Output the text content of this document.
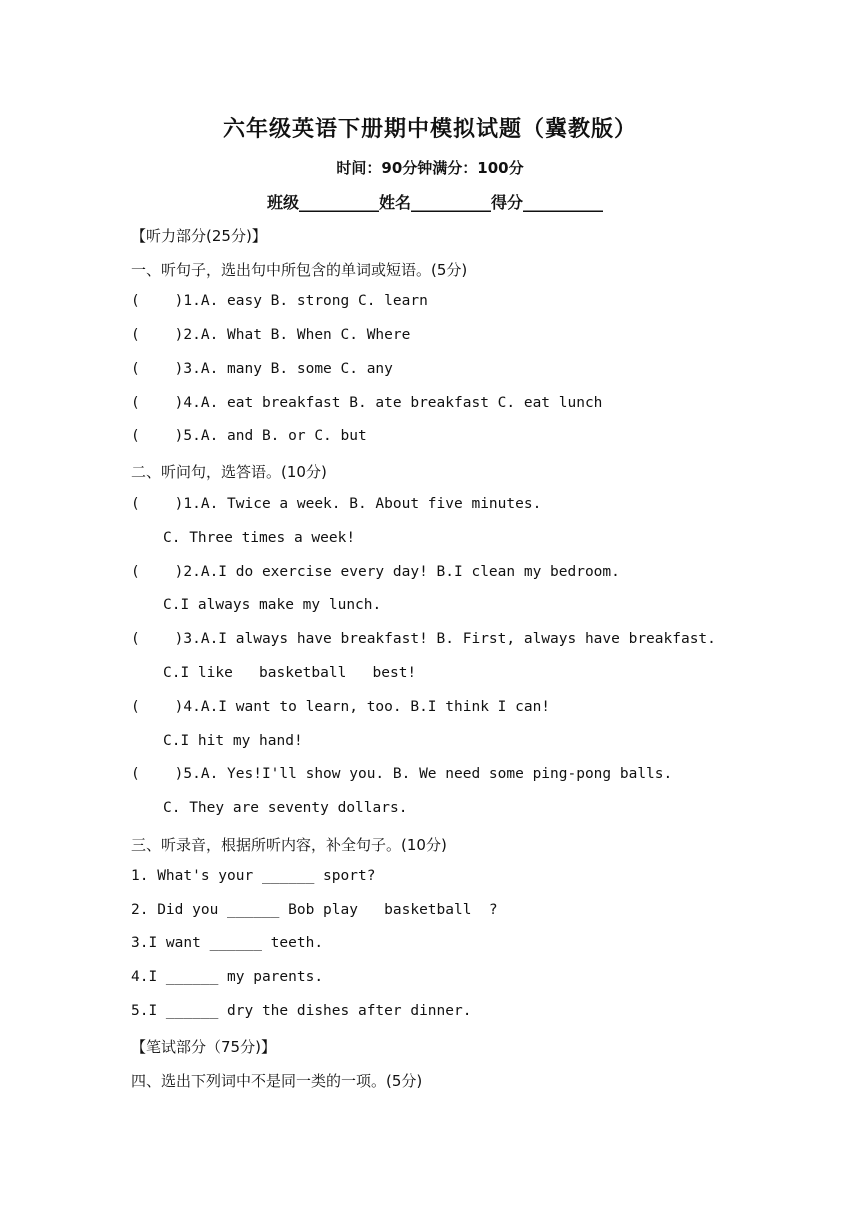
六年级英语下册期中模拟试题（冀教版）
时间：90分钟满分：100分
班级__________姓名__________得分__________
【听力部分(25分)】
一、听句子，选出句中所包含的单词或短语。(5分)
(    )1.A. easy B. strong C. learn
(    )2.A. What B. When C. Where
(    )3.A. many B. some C. any
(    )4.A. eat breakfast B. ate breakfast C. eat lunch
(    )5.A. and B. or C. but
二、听问句，选答语。(10分)
(    )1.A. Twice a week. B. About five minutes.
C. Three times a week!
(    )2.A.I do exercise every day! B.I clean my bedroom.
C.I always make my lunch.
(    )3.A.I always have breakfast! B. First, always have breakfast.
C.I like   basketball   best!
(    )4.A.I want to learn, too. B.I think I can!
C.I hit my hand!
(    )5.A. Yes!I'll show you. B. We need some ping-pong balls.
C. They are seventy dollars.
三、听录音，根据所听内容，补全句子。(10分)
1. What's your ______ sport?
2. Did you ______ Bob play   basketball  ?
3.I want ______ teeth.
4.I ______ my parents.
5.I ______ dry the dishes after dinner.
【笔试部分（75分)】
四、选出下列词中不是同一类的一项。(5分)
